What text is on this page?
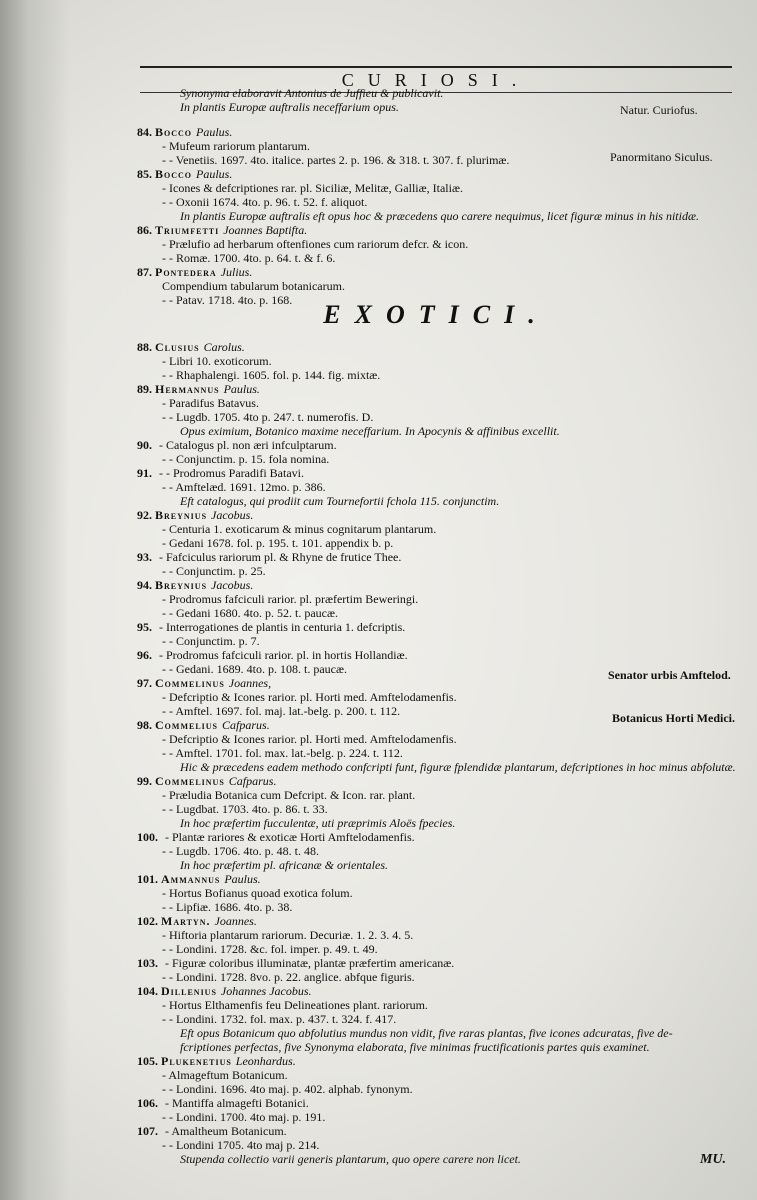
CURIOSI.
EXOTICI.
Synonyma elaboravit Antonius de Juffieu & publicavit.
In plantis Europæ auftralis neceffarium opus.
84. Bocco Paulus.
- Mufeum rariorum plantarum.
- - Venetiis. 1697. 4to. italice. partes 2. p. 196. & 318. t. 307. f. plurimæ.
85. Bocco Paulus.
- Icones & defcriptiones rar. pl. Siciliæ, Melitæ, Galliæ, Italiæ.
- - Oxonii 1674. 4to. p. 96. t. 52. f. aliquot.
In plantis Europæ auftralis eft opus hoc & præcedens quo carere nequimus, licet figuræ minus in his nitidæ.
86. Triumfetti Joannes Baptifta.
- Prælufio ad herbarum oftenfiones cum rariorum defcr. & icon.
- - Romæ. 1700. 4to. p. 64. t. & f. 6.
87. Pontedera Julius.
Compendium tabularum botanicarum.
- - Patav. 1718. 4to. p. 168.
88. Clusius Carolus.
- Libri 10. exoticorum.
- - Rhaphalengi. 1605. fol. p. 144. fig. mixtæ.
89. Hermannus Paulus.
- Paradifus Batavus.
- - Lugdb. 1705. 4to p. 247. t. numerofis. D.
Opus eximium, Botanico maxime neceffarium. In Apocynis & affinibus excellit.
90. - Catalogus pl. non æri infculptarum.
- - Conjunctim. p. 15. fola nomina.
91. - - Prodromus Paradifi Batavi.
- - Amftelæd. 1691. 12mo. p. 386.
Eft catalogus, qui prodiit cum Tournefortii fchola 115. conjunctim.
92. Breynius Jacobus.
- Centuria 1. exoticarum & minus cognitarum plantarum.
- Gedani 1678. fol. p. 195. t. 101. appendix b. p.
93. - Fafciculus rariorum pl. & Rhyne de frutice Thee.
- - Conjunctim. p. 25.
94. Breynius Jacobus.
- Prodromus fafciculi rarior. pl. præfertim Beweringi.
- - Gedani 1680. 4to. p. 52. t. paucæ.
95. - Interrogationes de plantis in centuria 1. defcriptis.
- - Conjunctim. p. 7.
96. - Prodromus fafciculi rarior. pl. in hortis Hollandiæ.
- - Gedani. 1689. 4to. p. 108. t. paucæ.
97. Commelinus Joannes,
- Defcriptio & Icones rarior. pl. Horti med. Amftelodamenfis.
- - Amftel. 1697. fol. maj. lat.-belg. p. 200. t. 112.
98. Commelius Cafparus.
- Defcriptio & Icones rarior. pl. Horti med. Amftelodamenfis.
- - Amftel. 1701. fol. max. lat.-belg. p. 224. t. 112.
Hic & præcedens eadem methodo confcripti funt, figuræ fplendidæ plantarum, defcriptiones in hoc minus abfolutæ.
99. Commelinus Cafparus.
- Præludia Botanica cum Defcript. & Icon. rar. plant.
- - Lugdbat. 1703. 4to. p. 86. t. 33.
In hoc præfertim fucculentæ, uti præprimis Aloës fpecies.
100. - Plantæ rariores & exoticæ Horti Amftelodamenfis.
- - Lugdb. 1706. 4to. p. 48. t. 48.
In hoc præfertim pl. africanæ & orientales.
101. Ammannus Paulus.
- Hortus Bofianus quoad exotica folum.
- - Lipfiæ. 1686. 4to. p. 38.
102. Martyn. Joannes.
- Hiftoria plantarum rariorum. Decuriæ. 1. 2. 3. 4. 5.
- - Londini. 1728. &c. fol. imper. p. 49. t. 49.
103. - Figuræ coloribus illuminatæ, plantæ præfertim americanæ.
- - Londini. 1728. 8vo. p. 22. anglice. abfque figuris.
104. Dillenius Johannes Jacobus.
- Hortus Elthamenfis feu Delineationes plant. rariorum.
- - Londini. 1732. fol. max. p. 437. t. 324. f. 417.
Eft opus Botanicum quo abfolutius mundus non vidit, five raras plantas, five icones adcuratas, five de-
fcriptiones perfectas, five Synonyma elaborata, five minimas fructificationis partes quis examinet.
105. Plukenetius Leonhardus.
- Almageftum Botanicum.
- - Londini. 1696. 4to maj. p. 402. alphab. fynonym.
106. - Mantiffa almagefti Botanici.
- - Londini. 1700. 4to maj. p. 191.
107. - Amaltheum Botanicum.
- - Londini 1705. 4to maj p. 214.
Stupenda collectio varii generis plantarum, quo opere carere non licet.
Natur. Curiofus.
Panormitano Siculus.
Senator urbis Amftelod.
Botanicus Horti Medici.
MU.
